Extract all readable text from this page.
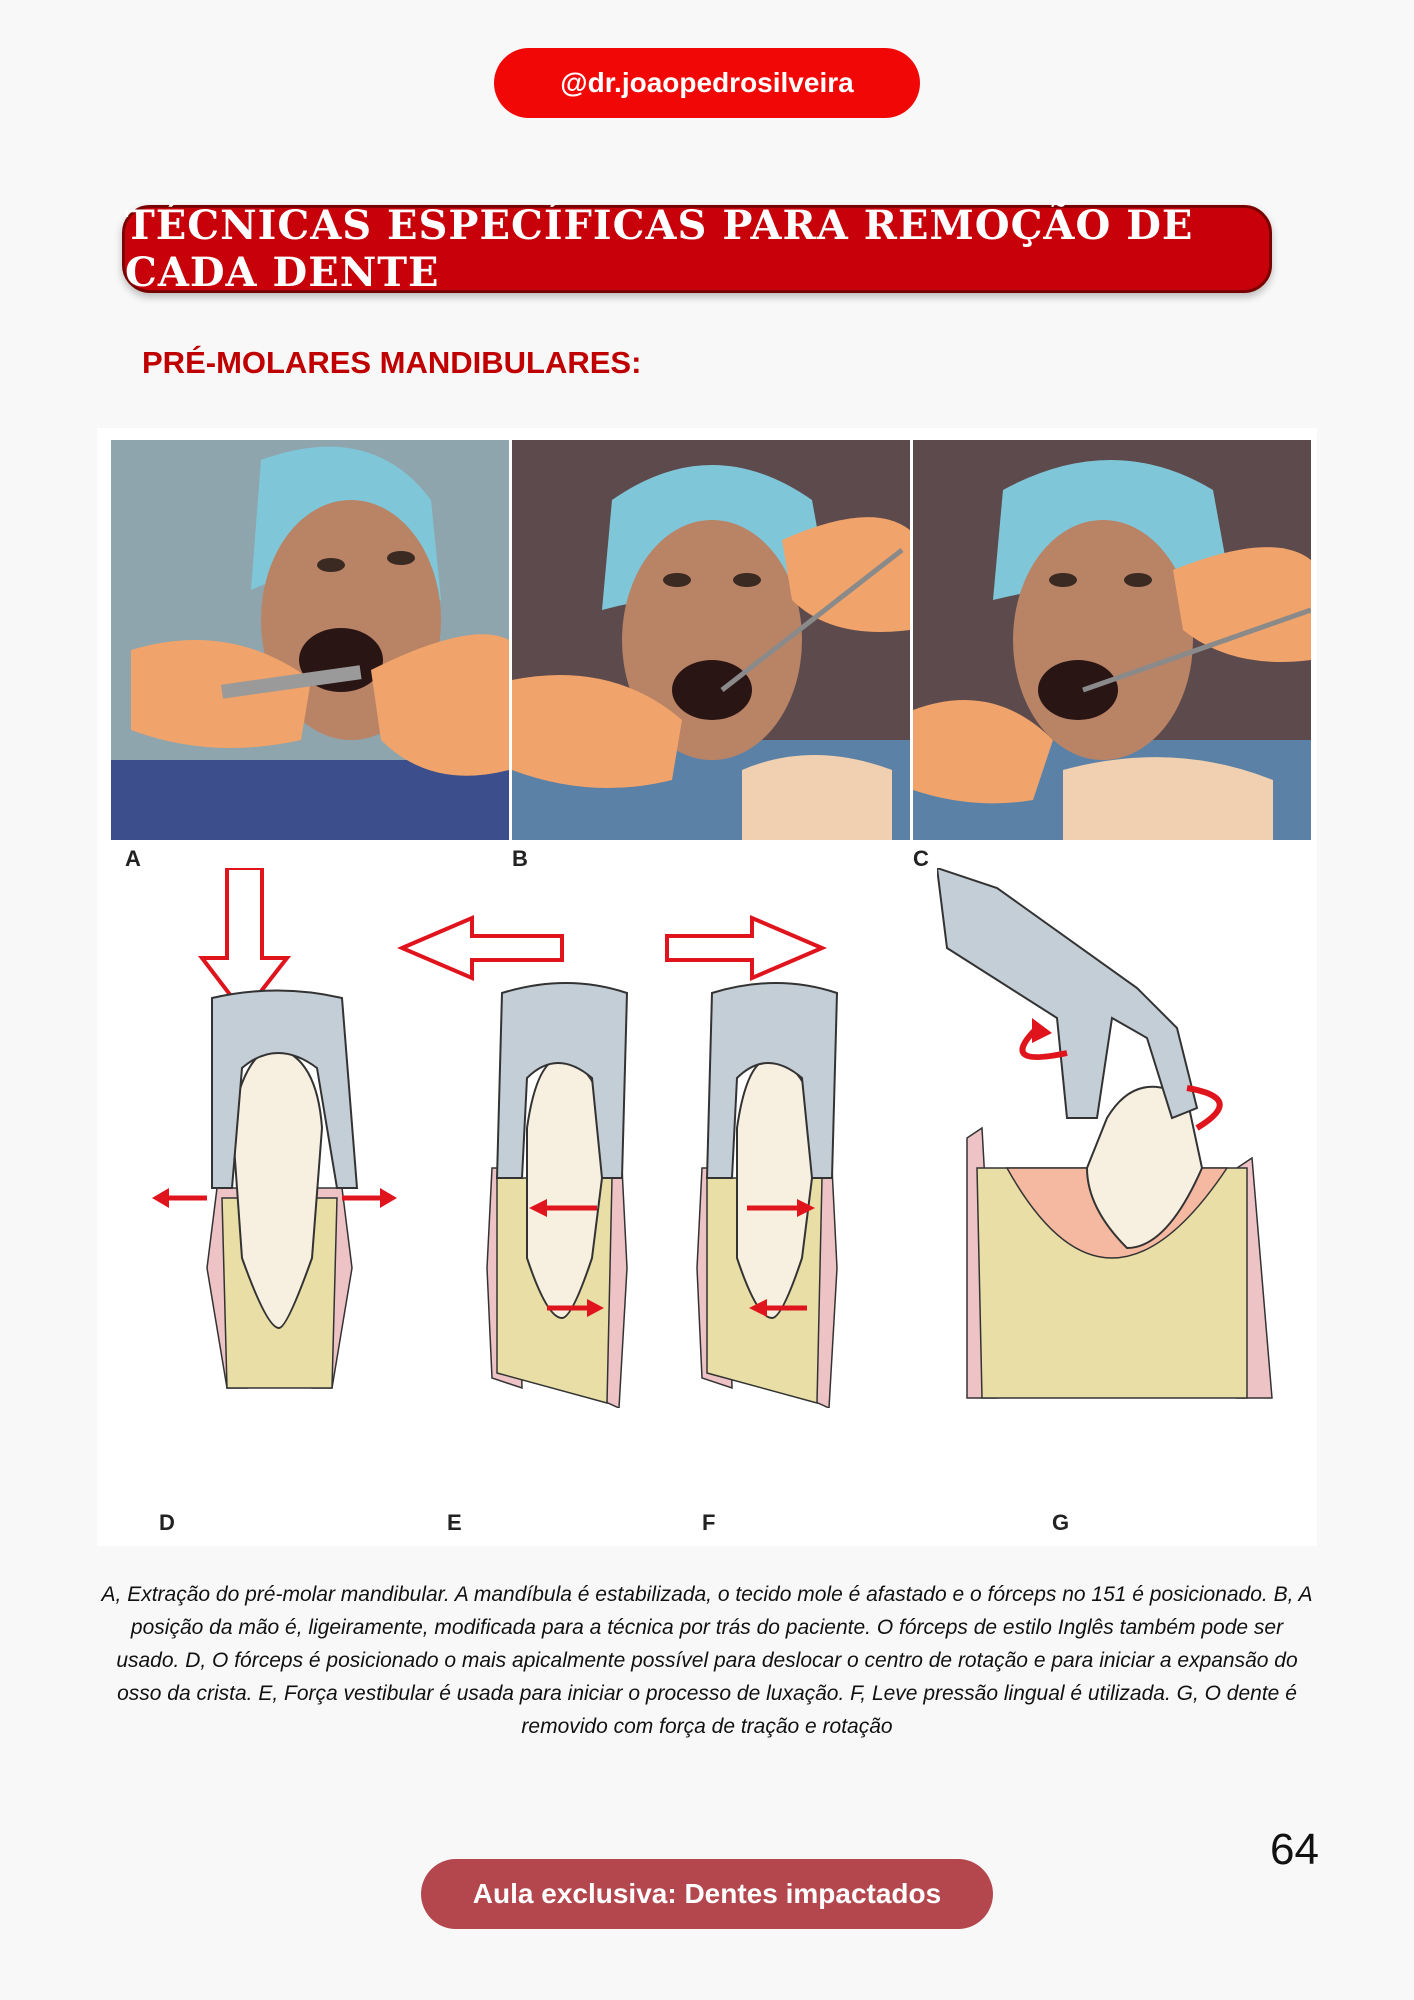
@dr.joaopedrosilveira
TÉCNICAS ESPECÍFICAS PARA REMOÇÃO DE CADA DENTE
PRÉ-MOLARES MANDIBULARES:
A	B	C
D	E	F	G
A, Extração do pré-molar mandibular. A mandíbula é estabilizada, o tecido mole é afastado e o fórceps no 151 é posicionado. B, A posição da mão é, ligeiramente, modificada para a técnica por trás do paciente. O fórceps de estilo Inglês também pode ser usado. D, O fórceps é posicionado o mais apicalmente possível para deslocar o centro de rotação e para iniciar a expansão do osso da crista. E, Força vestibular é usada para iniciar o processo de luxação. F, Leve pressão lingual é utilizada. G, O dente é removido com força de tração e rotação
Aula exclusiva: Dentes impactados
64
